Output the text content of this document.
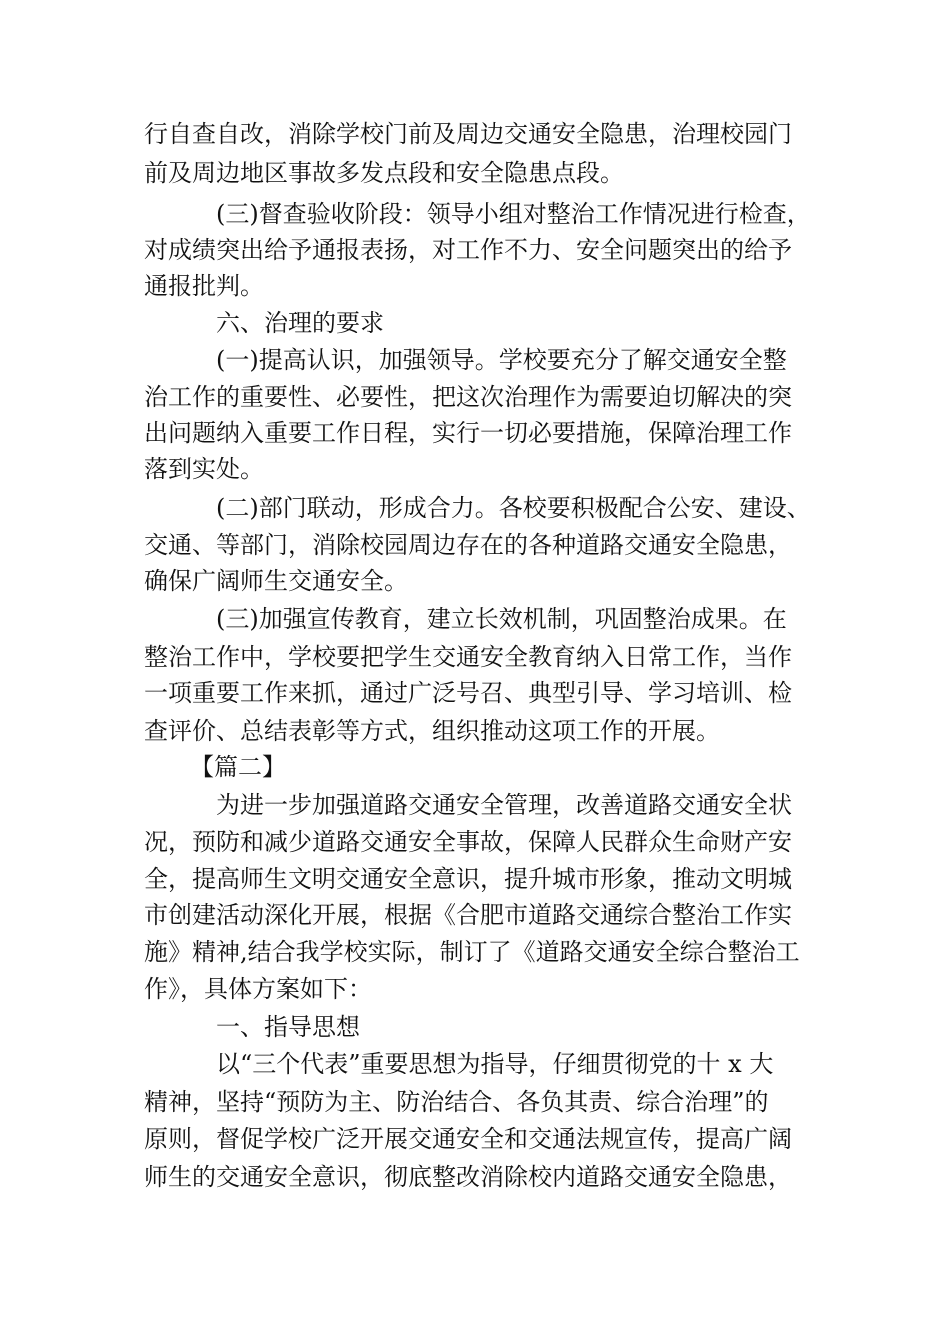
行自查自改，消除学校门前及周边交通安全隐患，治理校园门
前及周边地区事故多发点段和安全隐患点段。
(三)督查验收阶段：领导小组对整治工作情况进行检查，
对成绩突出给予通报表扬，对工作不力、安全问题突出的给予
通报批判。
六、治理的要求
(一)提高认识，加强领导。学校要充分了解交通安全整
治工作的重要性、必要性，把这次治理作为需要迫切解决的突
出问题纳入重要工作日程，实行一切必要措施，保障治理工作
落到实处。
(二)部门联动，形成合力。各校要积极配合公安、建设、
交通、等部门，消除校园周边存在的各种道路交通安全隐患，
确保广阔师生交通安全。
(三)加强宣传教育，建立长效机制，巩固整治成果。在
整治工作中，学校要把学生交通安全教育纳入日常工作，当作
一项重要工作来抓，通过广泛号召、典型引导、学习培训、检
查评价、总结表彰等方式，组织推动这项工作的开展。
【篇二】
为进一步加强道路交通安全管理，改善道路交通安全状
况，预防和减少道路交通安全事故，保障人民群众生命财产安
全，提高师生文明交通安全意识，提升城市形象，推动文明城
市创建活动深化开展，根据《合肥市道路交通综合整治工作实
施》精神,结合我学校实际，制订了《道路交通安全综合整治工
作》，具体方案如下：
一、指导思想
以“三个代表”重要思想为指导，仔细贯彻党的十 x 大
精神，坚持“预防为主、防治结合、各负其责、综合治理”的
原则，督促学校广泛开展交通安全和交通法规宣传，提高广阔
师生的交通安全意识，彻底整改消除校内道路交通安全隐患，
